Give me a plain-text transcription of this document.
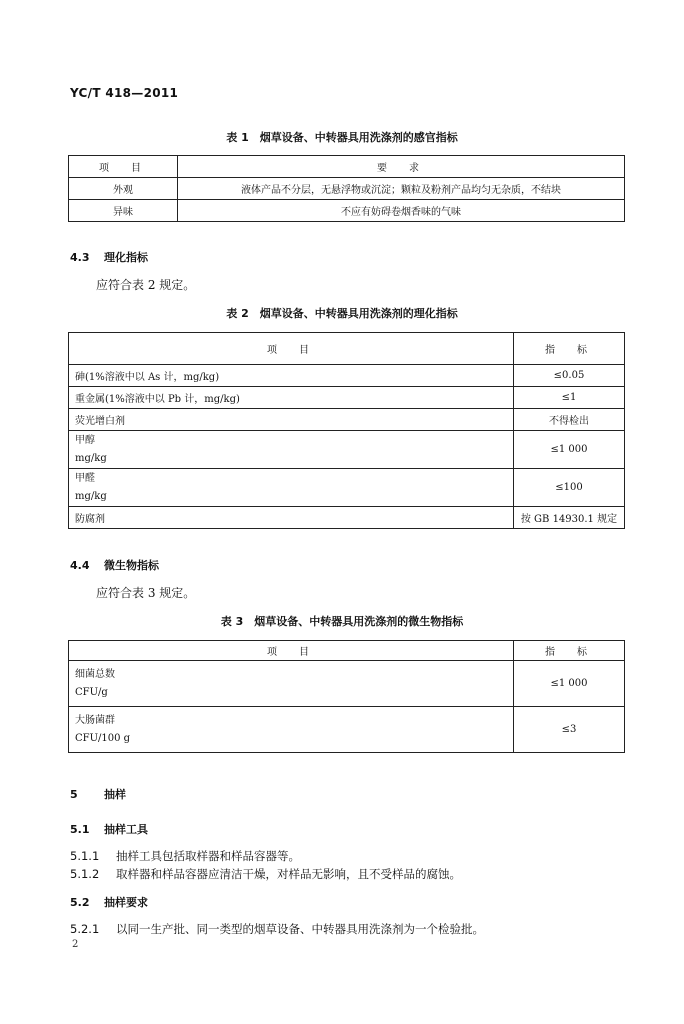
YC/T 418—2011
表 1　烟草设备、中转器具用洗涤剂的感官指标
项　目	要　求
外观	液体产品不分层，无悬浮物或沉淀；颗粒及粉剂产品均匀无杂质，不结块
异味	不应有妨碍卷烟香味的气味
4.3 理化指标
应符合表 2 规定。
表 2　烟草设备、中转器具用洗涤剂的理化指标
项　目	指　标
砷(1%溶液中以 As 计，mg/kg)	≤0.05
重金属(1%溶液中以 Pb 计，mg/kg)	≤1
荧光增白剂	不得检出

甲醇
mg/kg	≤1 000

甲醛
mg/kg	≤100
防腐剂	按 GB 14930.1 规定
4.4 微生物指标
应符合表 3 规定。
表 3　烟草设备、中转器具用洗涤剂的微生物指标
项　目	指　标

细菌总数
CFU/g	≤1 000

大肠菌群
CFU/100 g	≤3
5 抽样
5.1 抽样工具
5.1.1 抽样工具包括取样器和样品容器等。
5.1.2 取样器和样品容器应清洁干燥，对样品无影响，且不受样品的腐蚀。
5.2 抽样要求
5.2.1 以同一生产批、同一类型的烟草设备、中转器具用洗涤剂为一个检验批。
2
